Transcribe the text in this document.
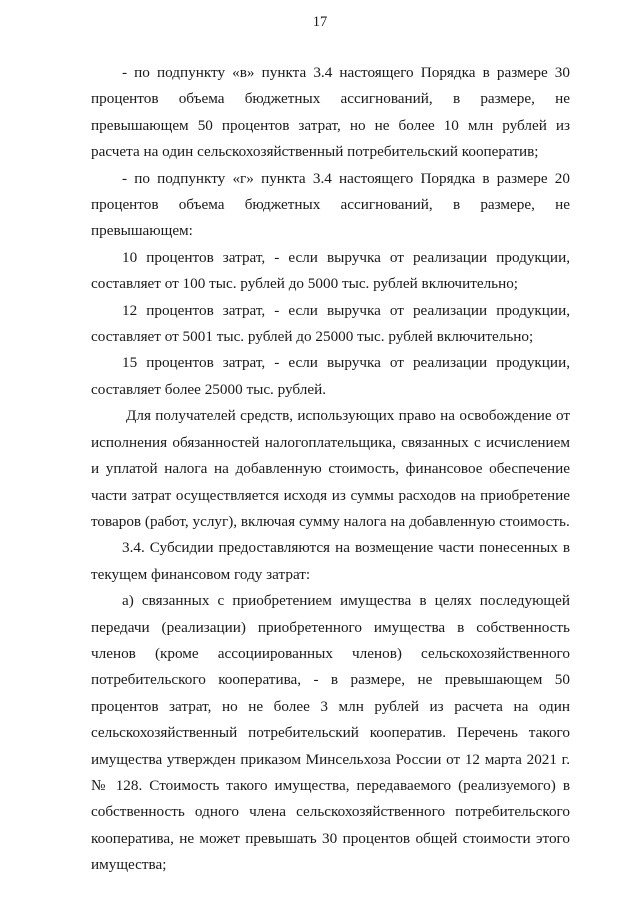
17

- по подпункту «в» пункта 3.4 настоящего Порядка в размере 30 процентов объема бюджетных ассигнований, в размере, не превышающем 50 процентов затрат, но не более 10 млн рублей из расчета на один сельскохозяйственный потребительский кооператив;

- по подпункту «г» пункта 3.4 настоящего Порядка в размере 20 процентов объема бюджетных ассигнований, в размере, не превышающем:

10 процентов затрат, - если выручка от реализации продукции, составляет от 100 тыс. рублей до 5000 тыс. рублей включительно;

12 процентов затрат, - если выручка от реализации продукции, составляет от 5001 тыс. рублей до 25000 тыс. рублей включительно;

15 процентов затрат, - если выручка от реализации продукции, составляет более 25000 тыс. рублей.

Для получателей средств, использующих право на освобождение от исполнения обязанностей налогоплательщика, связанных с исчислением и уплатой налога на добавленную стоимость, финансовое обеспечение части затрат осуществляется исходя из суммы расходов на приобретение товаров (работ, услуг), включая сумму налога на добавленную стоимость.

3.4. Субсидии предоставляются на возмещение части понесенных в текущем финансовом году затрат:

а) связанных с приобретением имущества в целях последующей передачи (реализации) приобретенного имущества в собственность членов (кроме ассоциированных членов) сельскохозяйственного потребительского кооператива, - в размере, не превышающем 50 процентов затрат, но не более 3 млн рублей из расчета на один сельскохозяйственный потребительский кооператив. Перечень такого имущества утвержден приказом Минсельхоза России от 12 марта 2021 г. № 128. Стоимость такого имущества, передаваемого (реализуемого) в собственность одного члена сельскохозяйственного потребительского кооператива, не может превышать 30 процентов общей стоимости этого имущества;
